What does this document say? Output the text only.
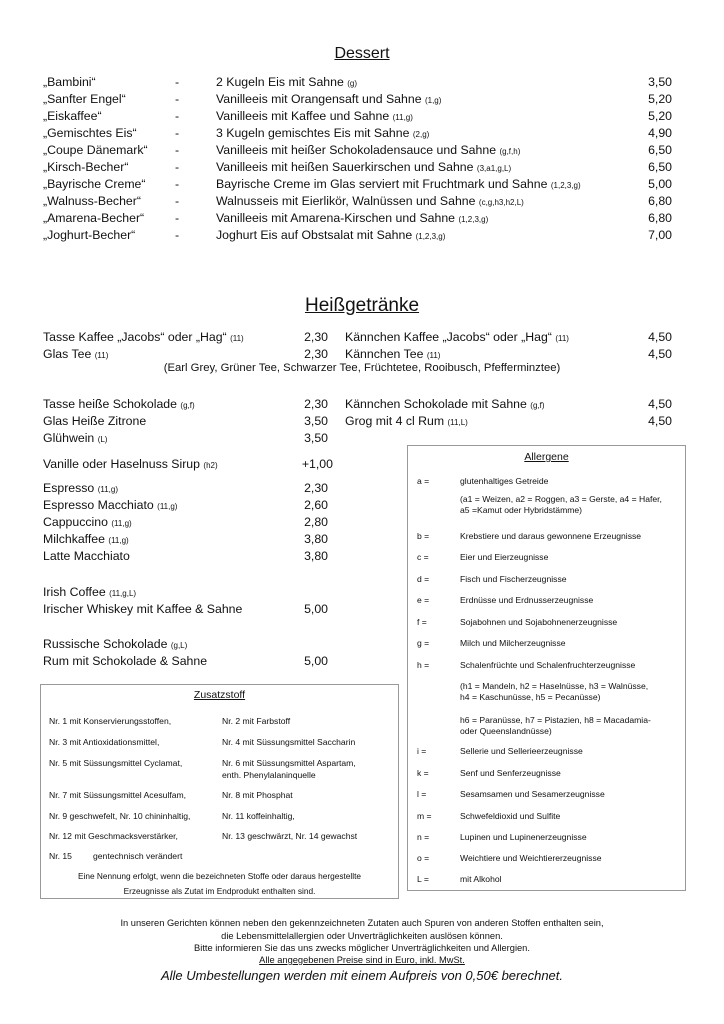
Dessert
„Bambini“	-	2 Kugeln Eis mit Sahne (g)	3,50
„Sanfter Engel“	-	Vanilleeis mit Orangensaft und Sahne (1,g)	5,20
„Eiskaffee“	-	Vanilleeis mit Kaffee und Sahne (11,g)	5,20
„Gemischtes Eis“	-	3 Kugeln gemischtes Eis mit Sahne (2,g)	4,90
„Coupe Dänemark“	-	Vanilleeis mit heißer Schokoladensauce und Sahne (g,f,h)	6,50
„Kirsch-Becher“	-	Vanilleeis mit heißen Sauerkirschen und Sahne (3,a1,g,L)	6,50
„Bayrische Creme“	-	Bayrische Creme im Glas serviert mit Fruchtmark und Sahne (1,2,3,g)	5,00
„Walnuss-Becher“	-	Walnusseis mit Eierlikör, Walnüssen und Sahne (c,g,h3,h2,L)	6,80
„Amarena-Becher“	-	Vanilleeis mit Amarena-Kirschen und Sahne (1,2,3,g)	6,80
„Joghurt-Becher“	-	Joghurt Eis auf Obstsalat mit Sahne (1,2,3,g)	7,00
Heißgetränke
Tasse Kaffee „Jacobs“ oder „Hag“ (11)	2,30
Glas Tee (11)	2,30
Kännchen Kaffee „Jacobs“ oder „Hag“ (11)	4,50
Kännchen Tee (11)	4,50
(Earl Grey, Grüner Tee, Schwarzer Tee, Früchtetee, Rooibusch, Pfefferminztee)
Tasse heiße Schokolade (g,f)	2,30
Glas Heiße Zitrone	3,50
Glühwein (L)	3,50
Kännchen Schokolade mit Sahne (g,f)	4,50
Grog mit 4 cl Rum (11,L)	4,50
Vanille oder Haselnuss Sirup (h2)	+1,00
Espresso (11,g)	2,30
Espresso Macchiato (11,g)	2,60
Cappuccino (11,g)	2,80
Milchkaffee (11,g)	3,80
Latte Macchiato	3,80
Irish Coffee (11,g,L)
Irischer Whiskey mit Kaffee & Sahne	5,00
Russische Schokolade (g,L)
Rum mit Schokolade & Sahne	5,00
Allergene
a =	glutenhaltiges Getreide
(a1 = Weizen, a2 = Roggen, a3 = Gerste, a4 = Hafer,
a5 =Kamut oder Hybridstämme)
b =	Krebstiere und daraus gewonnene Erzeugnisse
c =	Eier und Eierzeugnisse
d =	Fisch und Fischerzeugnisse
e =	Erdnüsse und Erdnusserzeugnisse
f =	Sojabohnen und Sojabohnenerzeugnisse
g =	Milch und Milcherzeugnisse
h =	Schalenfrüchte und Schalenfruchterzeugnisse
(h1 = Mandeln, h2 = Haselnüsse, h3 = Walnüsse,
h4 = Kaschunüsse, h5 = Pecanüsse)
h6 = Paranüsse, h7 = Pistazien, h8 = Macadamia-
oder Queenslandnüsse)
i =	Sellerie und Sellerieerzeugnisse
k =	Senf und Senferzeugnisse
l =	Sesamsamen und Sesamerzeugnisse
m =	Schwefeldioxid und Sulfite
n =	Lupinen und Lupinenerzeugnisse
o =	Weichtiere und Weichtiererzeugnisse
L =	mit Alkohol
Zusatzstoff
Nr. 15 gentechnisch verändert
Eine Nennung erfolgt, wenn die bezeichneten Stoffe oder daraus hergestellte
Erzeugnisse als Zutat im Endprodukt enthalten sind.
Nr. 1 mit Konservierungsstoffen,	Nr. 2 mit Farbstoff
Nr. 3 mit Antioxidationsmittel,	Nr. 4 mit Süssungsmittel Saccharin
Nr. 5 mit Süssungsmittel Cyclamat,	Nr. 6 mit Süssungsmittel Aspartam,
enth. Phenylalaninquelle
Nr. 7 mit Süssungsmittel Acesulfam,	Nr. 8 mit Phosphat
Nr. 9 geschwefelt, Nr. 10 chininhaltig,	Nr. 11 koffeinhaltig,
Nr. 12 mit Geschmacksverstärker,	Nr. 13 geschwärzt, Nr. 14 gewachst
In unseren Gerichten können neben den gekennzeichneten Zutaten auch Spuren von anderen Stoffen enthalten sein,
die Lebensmittelallergien oder Unverträglichkeiten auslösen können.
Bitte informieren Sie das uns zwecks möglicher Unverträglichkeiten und Allergien.
Alle angegebenen Preise sind in Euro, inkl. MwSt.
Alle Umbestellungen werden mit einem Aufpreis von 0,50€ berechnet.
